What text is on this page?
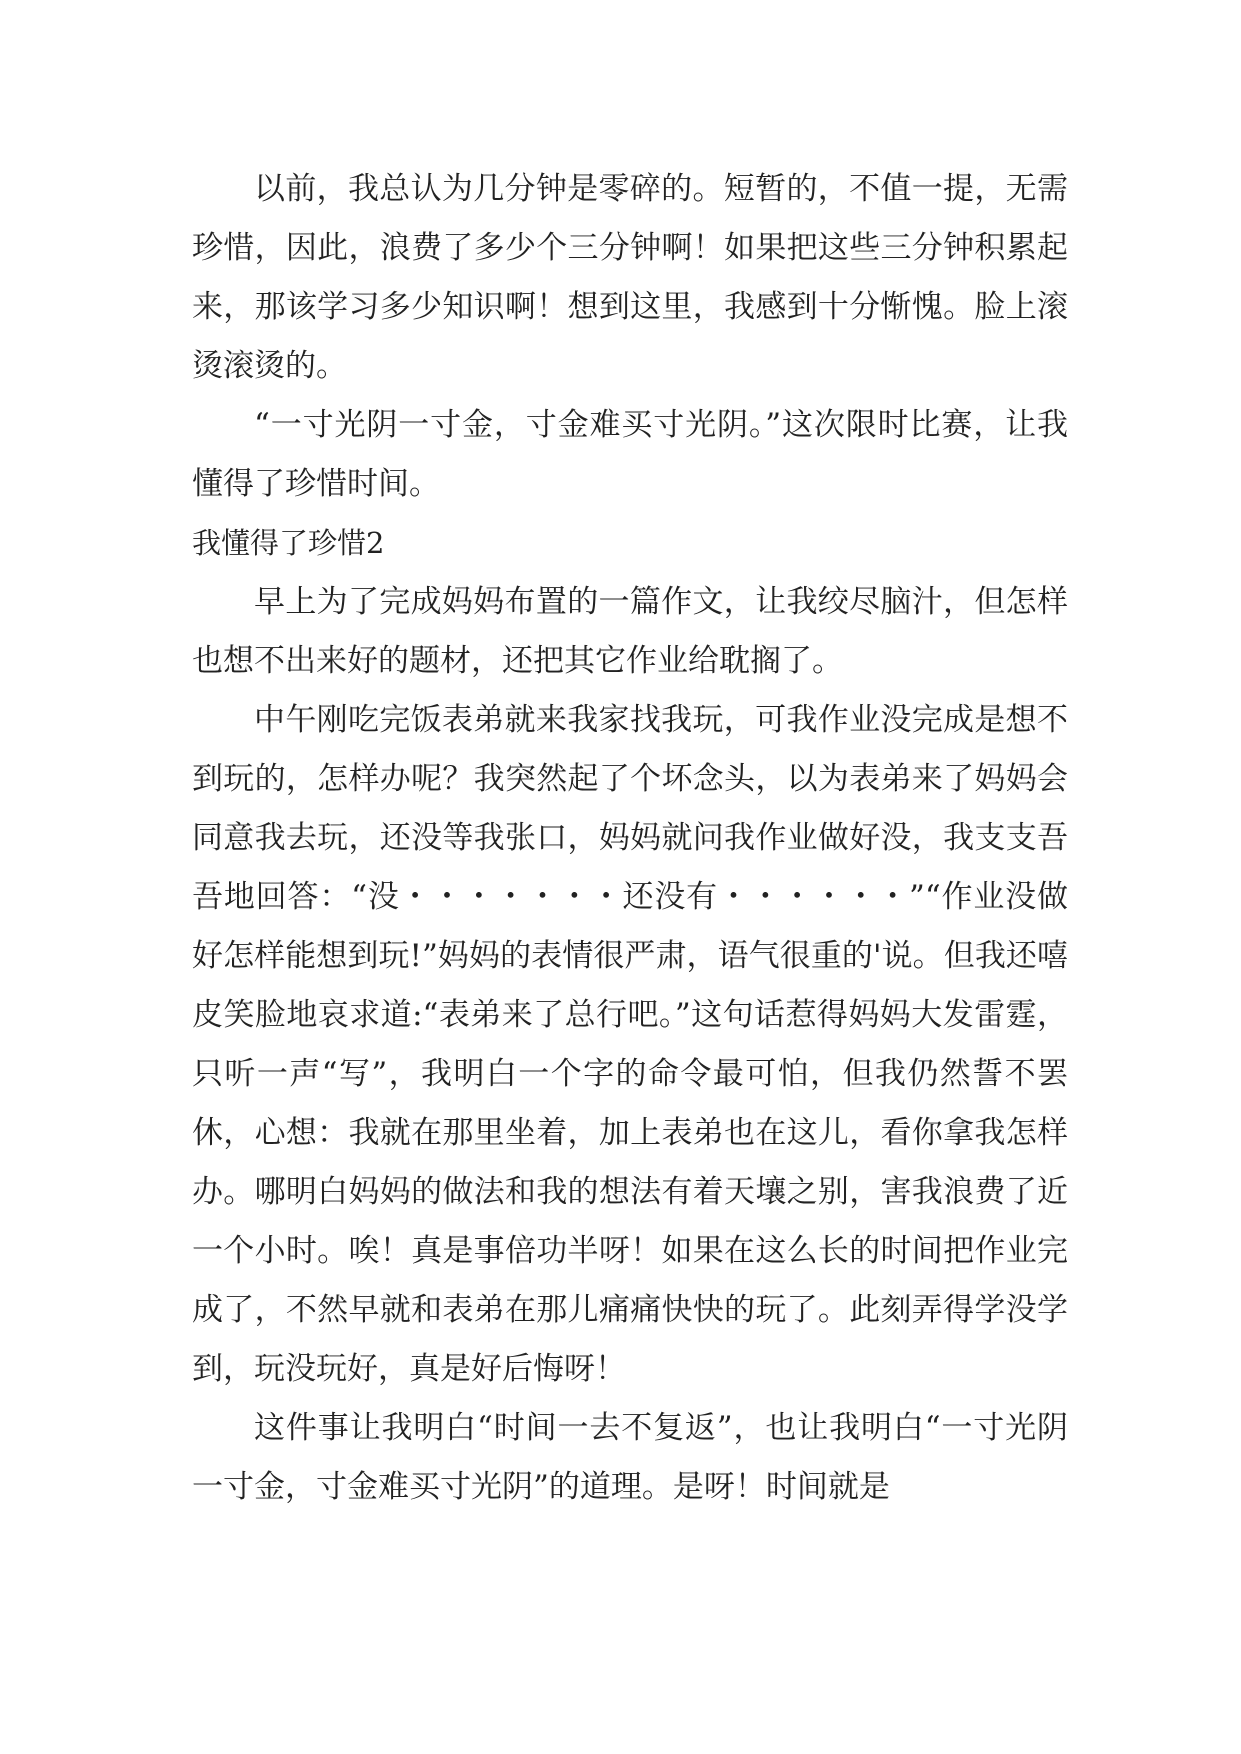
以前，我总认为几分钟是零碎的。短暂的，不值一提，无需珍惜，因此，浪费了多少个三分钟啊！如果把这些三分钟积累起来，那该学习多少知识啊！想到这里，我感到十分惭愧。脸上滚烫滚烫的。

“一寸光阴一寸金，寸金难买寸光阴。”这次限时比赛，让我懂得了珍惜时间。

我懂得了珍惜2

早上为了完成妈妈布置的一篇作文，让我绞尽脑汁，但怎样也想不出来好的题材，还把其它作业给耽搁了。

中午刚吃完饭表弟就来我家找我玩，可我作业没完成是想不到玩的，怎样办呢？我突然起了个坏念头，以为表弟来了妈妈会同意我去玩，还没等我张口，妈妈就问我作业做好没，我支支吾吾地回答：“没・・・・・・・还没有・・・・・・”“作业没做好怎样能想到玩!”妈妈的表情很严肃，语气很重的'说。但我还嘻皮笑脸地哀求道:“表弟来了总行吧。”这句话惹得妈妈大发雷霆，只听一声“写”，我明白一个字的命令最可怕，但我仍然誓不罢休，心想：我就在那里坐着，加上表弟也在这儿，看你拿我怎样办。哪明白妈妈的做法和我的想法有着天壤之别，害我浪费了近一个小时。唉！真是事倍功半呀！如果在这么长的时间把作业完成了，不然早就和表弟在那儿痛痛快快的玩了。此刻弄得学没学到，玩没玩好，真是好后悔呀！

这件事让我明白“时间一去不复返”，也让我明白“一寸光阴一寸金，寸金难买寸光阴”的道理。是呀！时间就是
